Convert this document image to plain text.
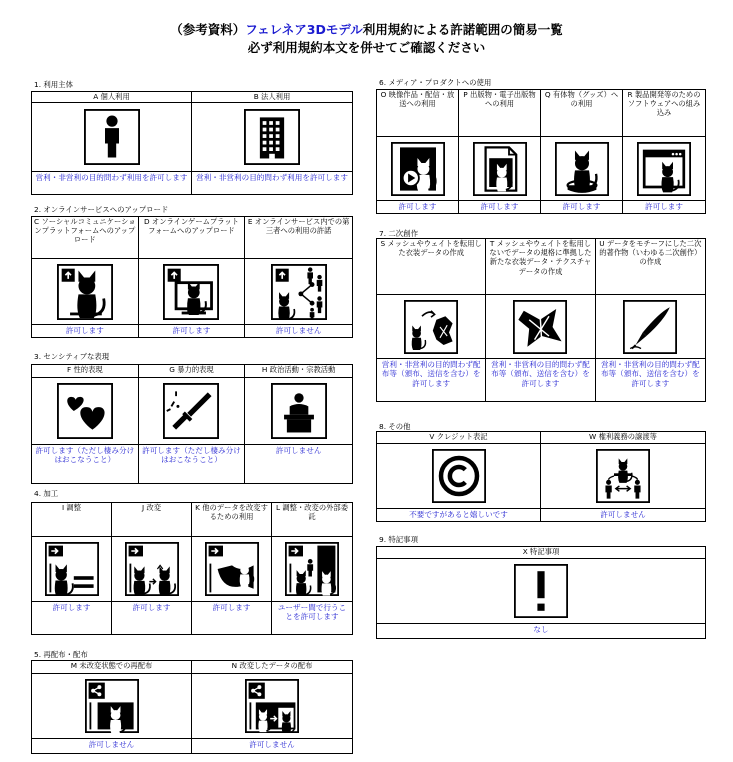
（参考資料）フェレネア3Dモデル利用規約による許諾範囲の簡易一覧
必ず利用規約本文を併せてご確認ください
1. 利用主体
A 個人利用
営利・非営利の目的問わず利用を許可します
B 法人利用
営利・非営利の目的問わず利用を許可します
2. オンラインサービスへのアップロード
C ソーシャルコミュニケーションプラットフォームへのアップロード
許可します
D オンラインゲームプラットフォームへのアップロード
許可します
E オンラインサービス内での第三者への利用の許諾
許可しません
3. センシティブな表現
F 性的表現
許可します（ただし棲み分けはおこなうこと）
G 暴力的表現
許可します（ただし棲み分けはおこなうこと）
H 政治活動・宗教活動
許可しません
4. 加工
I 調整
許可します
J 改変
許可します
K 他のデータを改変するための利用
許可します
L 調整・改変の外部委託
ユーザー間で行うことを許可します
5. 再配布・配布
M 未改変状態での再配布
許可しません
N 改変したデータの配布
許可しません
6. メディア・プロダクトへの使用
O 映像作品・配信・放送への利用
許可します
P 出版物・電子出版物への利用
許可します
Q 有体物（グッズ）への利用
許可します
R 製品開発等のためのソフトウェアへの組み込み
許可します
7. 二次創作
S メッシュやウェイトを転用した衣装データの作成
営利・非営利の目的問わず配布等（頒布、送信を含む）を許可します
T メッシュやウェイトを転用しないでデータの規格に準拠した新たな衣装データ・テクスチャデータの作成
営利・非営利の目的問わず配布等（頒布、送信を含む）を許可します
U データをモチーフにした二次的著作物（いわゆる二次創作）の作成
営利・非営利の目的問わず配布等（頒布、送信を含む）を許可します
8. その他
V クレジット表記
不要ですがあると嬉しいです
W 権利義務の譲渡等
許可しません
9. 特記事項
X 特記事項
なし
